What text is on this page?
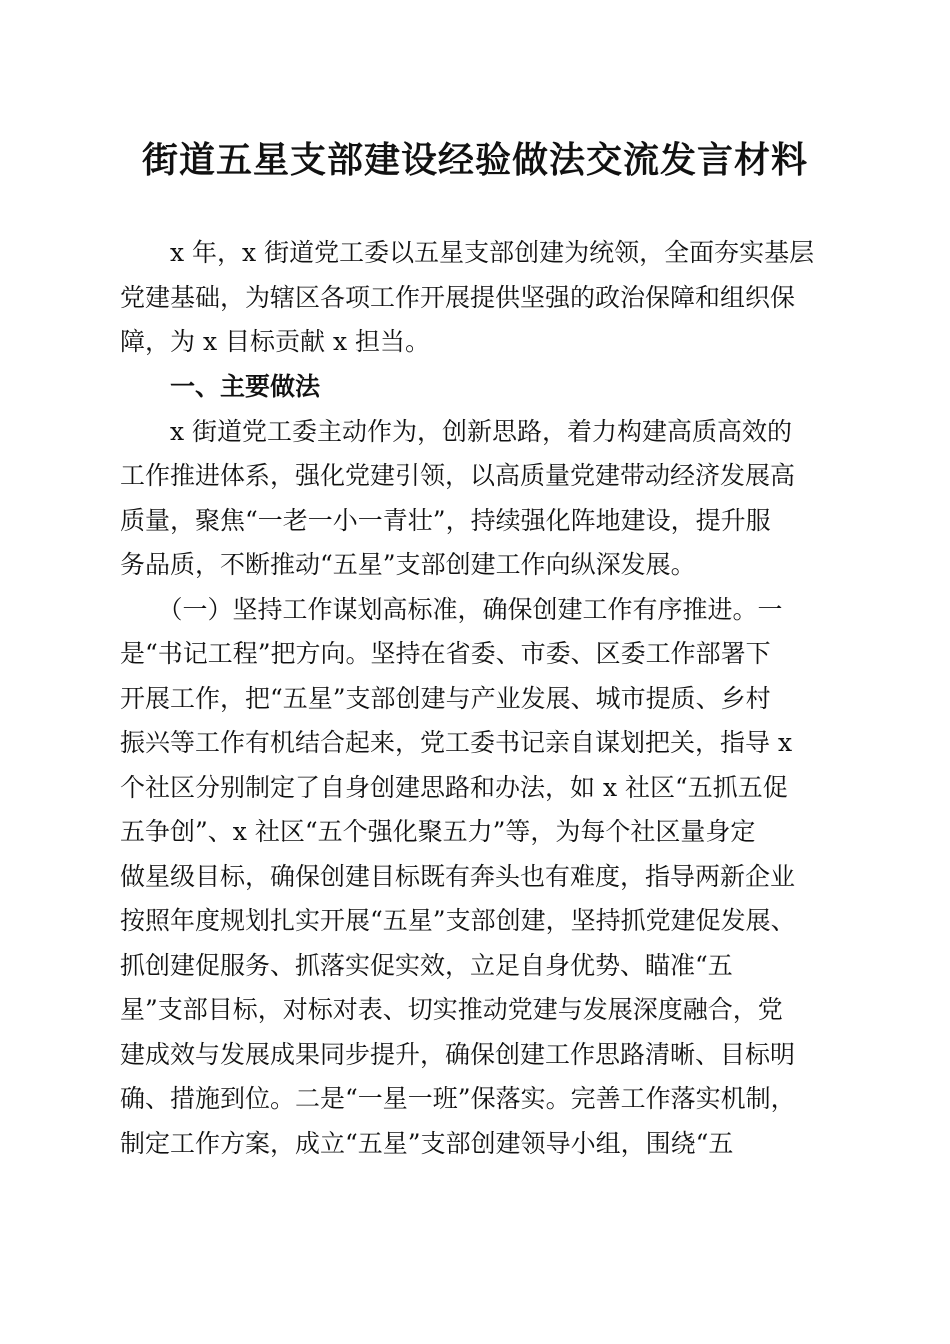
街道五星支部建设经验做法交流发言材料

　　x 年，x 街道党工委以五星支部创建为统领，全面夯实基层

党建基础，为辖区各项工作开展提供坚强的政治保障和组织保

障，为 x 目标贡献 x 担当。

　　一、主要做法

　　x 街道党工委主动作为，创新思路，着力构建高质高效的

工作推进体系，强化党建引领，以高质量党建带动经济发展高

质量，聚焦“一老一小一青壮”，持续强化阵地建设，提升服

务品质，不断推动“五星”支部创建工作向纵深发展。

　　（一）坚持工作谋划高标准，确保创建工作有序推进。一

是“书记工程”把方向。坚持在省委、市委、区委工作部署下

开展工作，把“五星”支部创建与产业发展、城市提质、乡村

振兴等工作有机结合起来，党工委书记亲自谋划把关，指导 x

个社区分别制定了自身创建思路和办法，如 x 社区“五抓五促

五争创”、x 社区“五个强化聚五力”等，为每个社区量身定

做星级目标，确保创建目标既有奔头也有难度，指导两新企业

按照年度规划扎实开展“五星”支部创建，坚持抓党建促发展、

抓创建促服务、抓落实促实效，立足自身优势、瞄准“五

星”支部目标，对标对表、切实推动党建与发展深度融合，党

建成效与发展成果同步提升，确保创建工作思路清晰、目标明

确、措施到位。二是“一星一班”保落实。完善工作落实机制，

制定工作方案，成立“五星”支部创建领导小组，围绕“五
